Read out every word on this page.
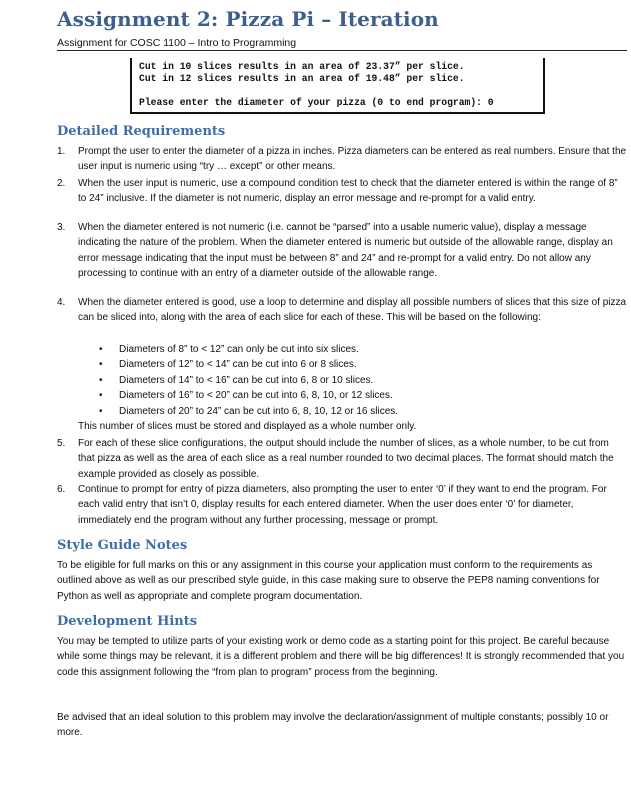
Assignment 2: Pizza Pi – Iteration
Assignment for COSC 1100 – Intro to Programming
Cut in 10 slices results in an area of 23.37” per slice.
Cut in 12 slices results in an area of 19.48” per slice.
Please enter the diameter of your pizza (0 to end program): 0
Detailed Requirements
1. Prompt the user to enter the diameter of a pizza in inches. Pizza diameters can be entered as real numbers. Ensure that the user input is numeric using “try … except” or other means.
2. When the user input is numeric, use a compound condition test to check that the diameter entered is within the range of 8” to 24” inclusive. If the diameter is not numeric, display an error message and re-prompt for a valid entry.
3. When the diameter entered is not numeric (i.e. cannot be “parsed” into a usable numeric value), display a message indicating the nature of the problem. When the diameter entered is numeric but outside of the allowable range, display an error message indicating that the input must be between 8” and 24” and re-prompt for a valid entry. Do not allow any processing to continue with an entry of a diameter outside of the allowable range.
4. When the diameter entered is good, use a loop to determine and display all possible numbers of slices that this size of pizza can be sliced into, along with the area of each slice for each of these. This will be based on the following:
• Diameters of 8” to < 12” can only be cut into six slices.
• Diameters of 12” to < 14” can be cut into 6 or 8 slices.
• Diameters of 14” to < 16” can be cut into 6, 8 or 10 slices.
• Diameters of 16” to < 20” can be cut into 6, 8, 10, or 12 slices.
• Diameters of 20” to 24” can be cut into 6, 8, 10, 12 or 16 slices.
This number of slices must be stored and displayed as a whole number only.
5. For each of these slice configurations, the output should include the number of slices, as a whole number, to be cut from that pizza as well as the area of each slice as a real number rounded to two decimal places. The format should match the example provided as closely as possible.
6. Continue to prompt for entry of pizza diameters, also prompting the user to enter ‘0’ if they want to end the program. For each valid entry that isn’t 0, display results for each entered diameter. When the user does enter ‘0’ for diameter, immediately end the program without any further processing, message or prompt.
Style Guide Notes
To be eligible for full marks on this or any assignment in this course your application must conform to the requirements as outlined above as well as our prescribed style guide, in this case making sure to observe the PEP8 naming conventions for Python as well as appropriate and complete program documentation.
Development Hints
You may be tempted to utilize parts of your existing work or demo code as a starting point for this project. Be careful because while some things may be relevant, it is a different problem and there will be big differences! It is strongly recommended that you code this assignment following the “from plan to program” process from the beginning.
Be advised that an ideal solution to this problem may involve the declaration/assignment of multiple constants; possibly 10 or more.
